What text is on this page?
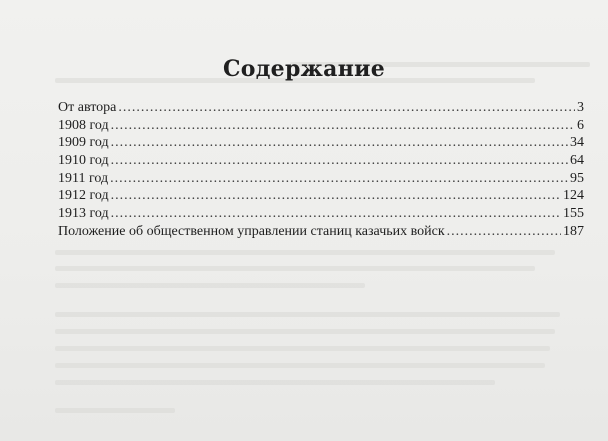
Содержание
От автора .....	3
1908 год .....	6
1909 год .....	34
1910 год .....	64
1911 год .....	95
1912 год .....	124
1913 год .....	155
Положение об общественном управлении станиц казачьих войск .....	187
